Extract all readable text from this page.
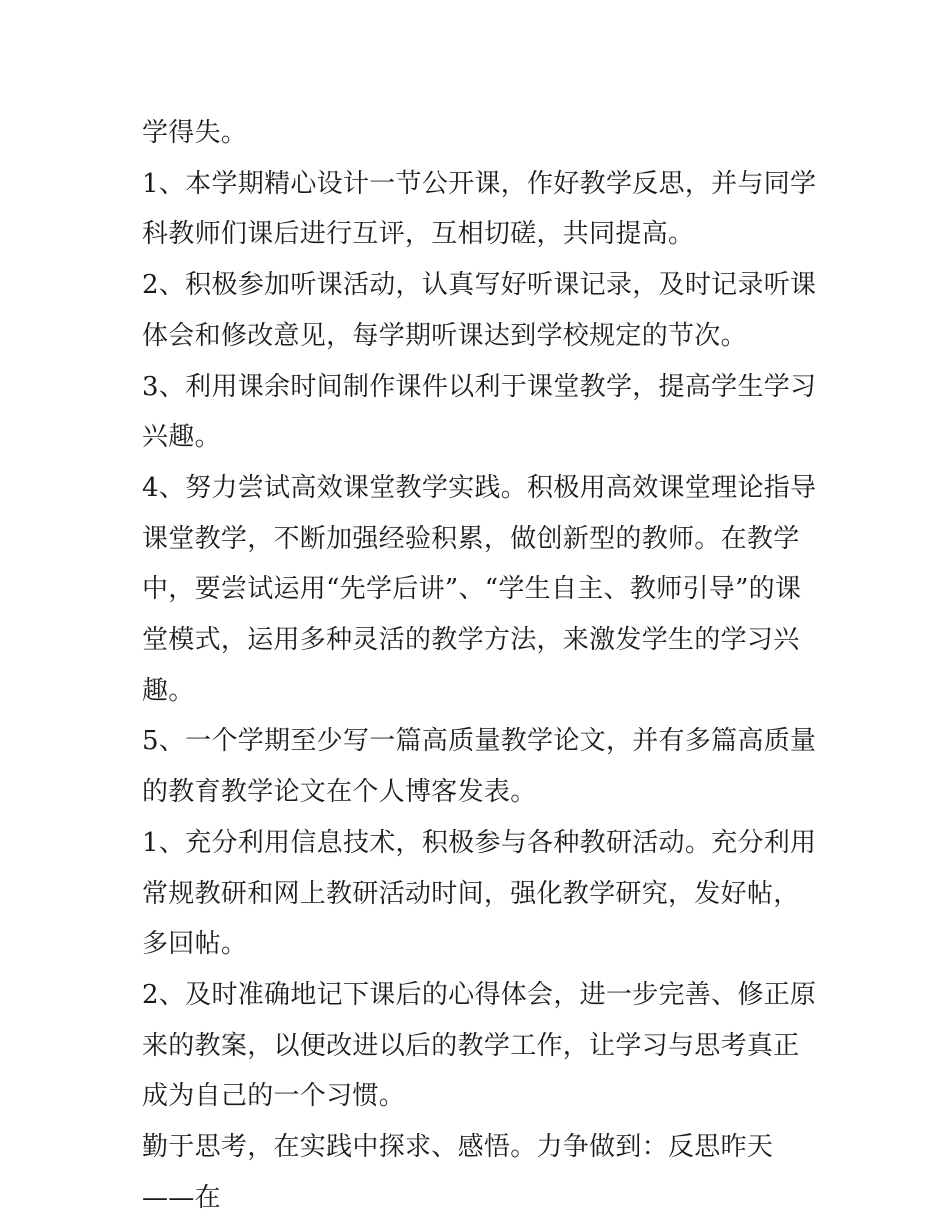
学得失。

1、本学期精心设计一节公开课，作好教学反思，并与同学科教师们课后进行互评，互相切磋，共同提高。

2、积极参加听课活动，认真写好听课记录，及时记录听课体会和修改意见，每学期听课达到学校规定的节次。

3、利用课余时间制作课件以利于课堂教学，提高学生学习兴趣。

4、努力尝试高效课堂教学实践。积极用高效课堂理论指导课堂教学，不断加强经验积累，做创新型的教师。在教学中，要尝试运用“先学后讲”、“学生自主、教师引导”的课堂模式，运用多种灵活的教学方法，来激发学生的学习兴趣。

5、一个学期至少写一篇高质量教学论文，并有多篇高质量的教育教学论文在个人博客发表。

1、充分利用信息技术，积极参与各种教研活动。充分利用常规教研和网上教研活动时间，强化教学研究，发好帖，多回帖。

2、及时准确地记下课后的心得体会，进一步完善、修正原来的教案，以便改进以后的教学工作，让学习与思考真正成为自己的一个习惯。

勤于思考，在实践中探求、感悟。力争做到：反思昨天——在
